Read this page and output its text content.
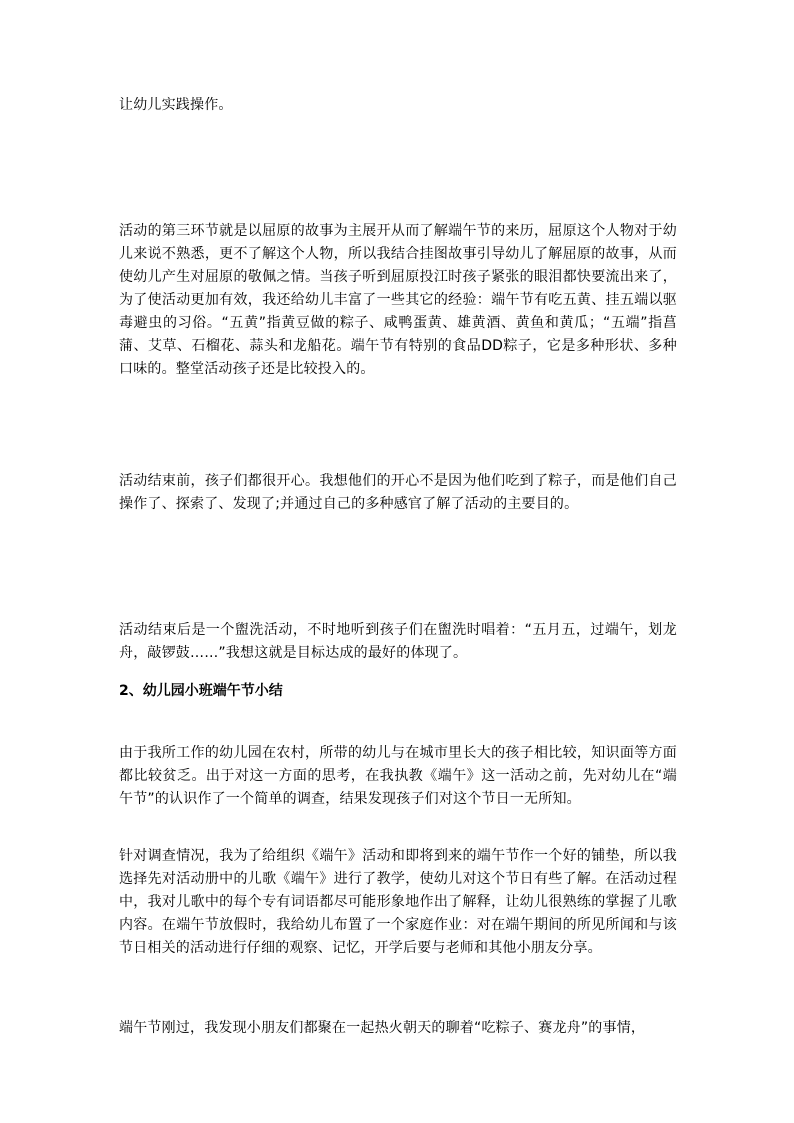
让幼儿实践操作。

活动的第三环节就是以屈原的故事为主展开从而了解端午节的来历，屈原这个人物对于幼儿来说不熟悉，更不了解这个人物，所以我结合挂图故事引导幼儿了解屈原的故事，从而使幼儿产生对屈原的敬佩之情。当孩子听到屈原投江时孩子紧张的眼泪都快要流出来了，为了使活动更加有效，我还给幼儿丰富了一些其它的经验：端午节有吃五黄、挂五端以驱毒避虫的习俗。“五黄”指黄豆做的粽子、咸鸭蛋黄、雄黄酒、黄鱼和黄瓜；“五端”指菖蒲、艾草、石榴花、蒜头和龙船花。端午节有特别的食品DD粽子，它是多种形状、多种口味的。整堂活动孩子还是比较投入的。

活动结束前，孩子们都很开心。我想他们的开心不是因为他们吃到了粽子，而是他们自己操作了、探索了、发现了;并通过自己的多种感官了解了活动的主要目的。

活动结束后是一个盥洗活动，不时地听到孩子们在盥洗时唱着：“五月五，过端午，划龙舟，敲锣鼓……”我想这就是目标达成的最好的体现了。

2、幼儿园小班端午节小结

由于我所工作的幼儿园在农村，所带的幼儿与在城市里长大的孩子相比较，知识面等方面都比较贫乏。出于对这一方面的思考，在我执教《端午》这一活动之前，先对幼儿在“端午节”的认识作了一个简单的调查，结果发现孩子们对这个节日一无所知。

针对调查情况，我为了给组织《端午》活动和即将到来的端午节作一个好的铺垫，所以我选择先对活动册中的儿歌《端午》进行了教学，使幼儿对这个节日有些了解。在活动过程中，我对儿歌中的每个专有词语都尽可能形象地作出了解释，让幼儿很熟练的掌握了儿歌内容。在端午节放假时，我给幼儿布置了一个家庭作业：对在端午期间的所见所闻和与该节日相关的活动进行仔细的观察、记忆，开学后要与老师和其他小朋友分享。

端午节刚过，我发现小朋友们都聚在一起热火朝天的聊着“吃粽子、赛龙舟”的事情，
